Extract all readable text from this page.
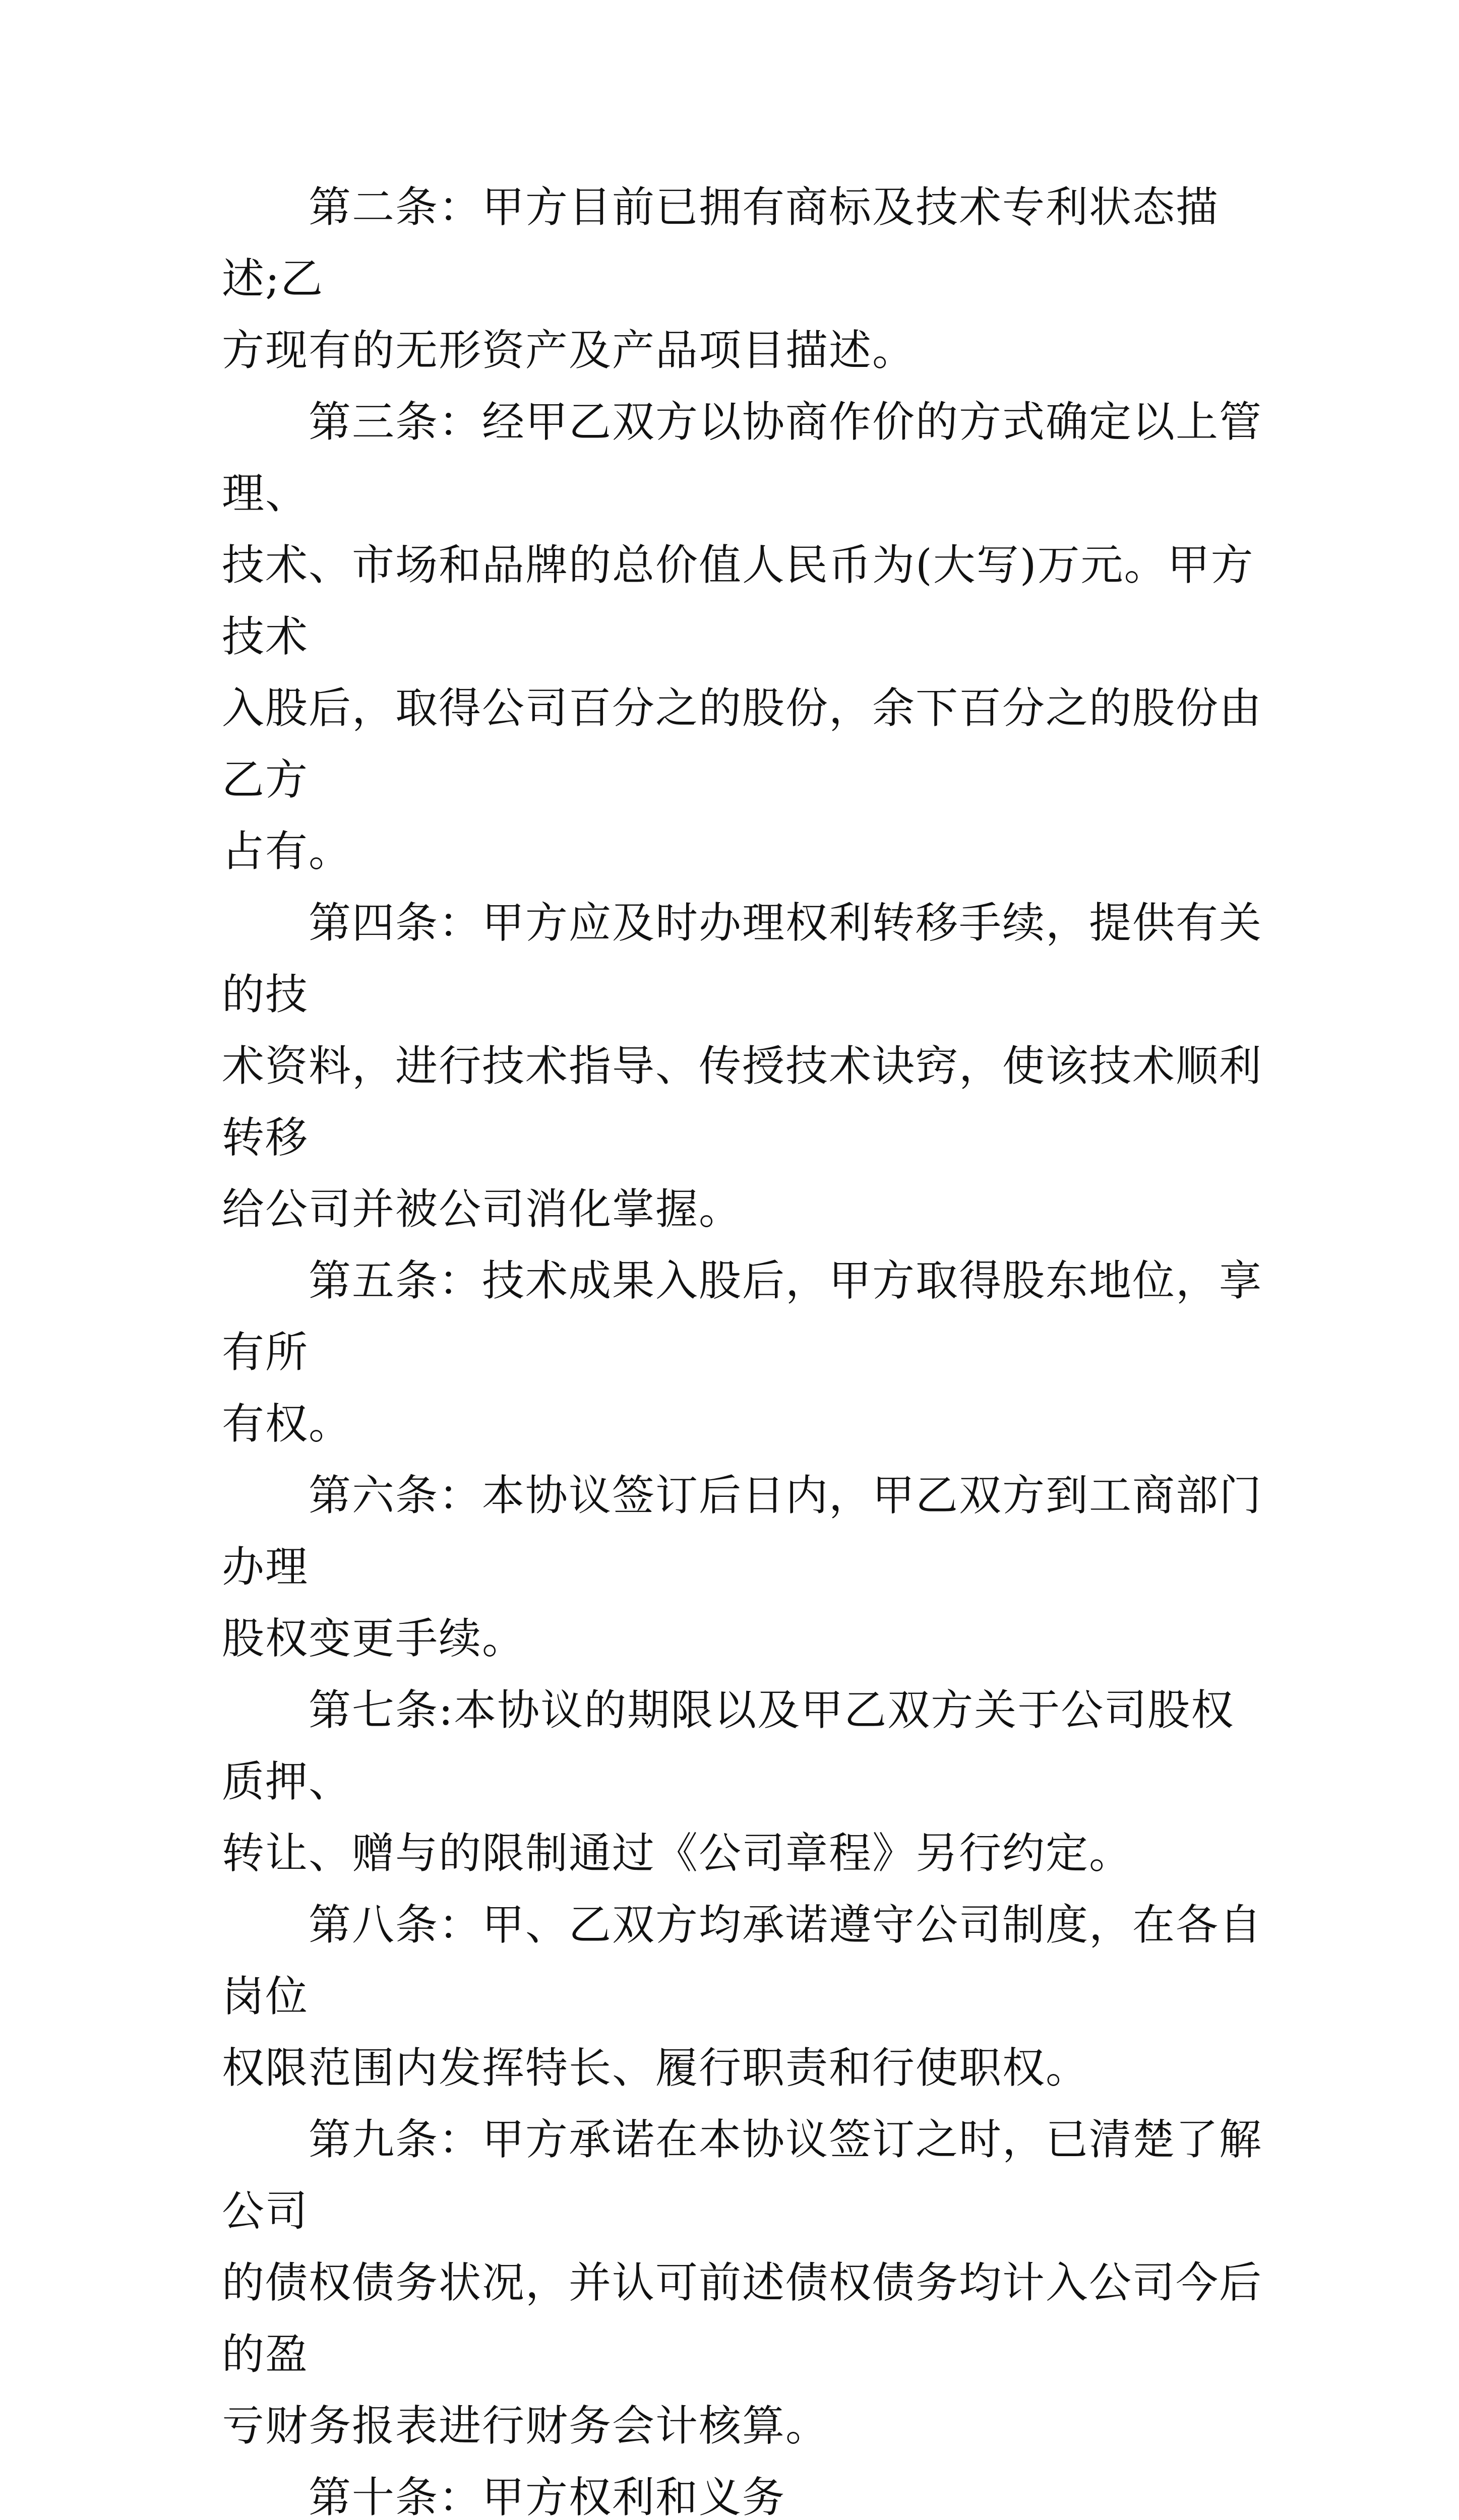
　　第二条：甲方目前已拥有商标及技术专利状态描述;乙
方现有的无形资产及产品项目描述。

　　第三条：经甲乙双方以协商作价的方式确定以上管理、
技术、市场和品牌的总价值人民币为(大写)万元。甲方技术
入股后，取得公司百分之的股份，余下百分之的股份由乙方
占有。

　　第四条：甲方应及时办理权利转移手续，提供有关的技
术资料，进行技术指导、传授技术诀窍，使该技术顺利转移
给公司并被公司消化掌握。

　　第五条：技术成果入股后，甲方取得股东地位，享有所
有权。

　　第六条：本协议签订后日内，甲乙双方到工商部门办理
股权变更手续。

　　第七条:本协议的期限以及甲乙双方关于公司股权质押、
转让、赠与的限制通过《公司章程》另行约定。

　　第八条：甲、乙双方均承诺遵守公司制度，在各自岗位
权限范围内发挥特长、履行职责和行使职权。

　　第九条：甲方承诺在本协议签订之时，已清楚了解公司
的债权债务状况，并认可前述债权债务均计入公司今后的盈
亏财务报表进行财务会计核算。

　　第十条：甲方权利和义务
